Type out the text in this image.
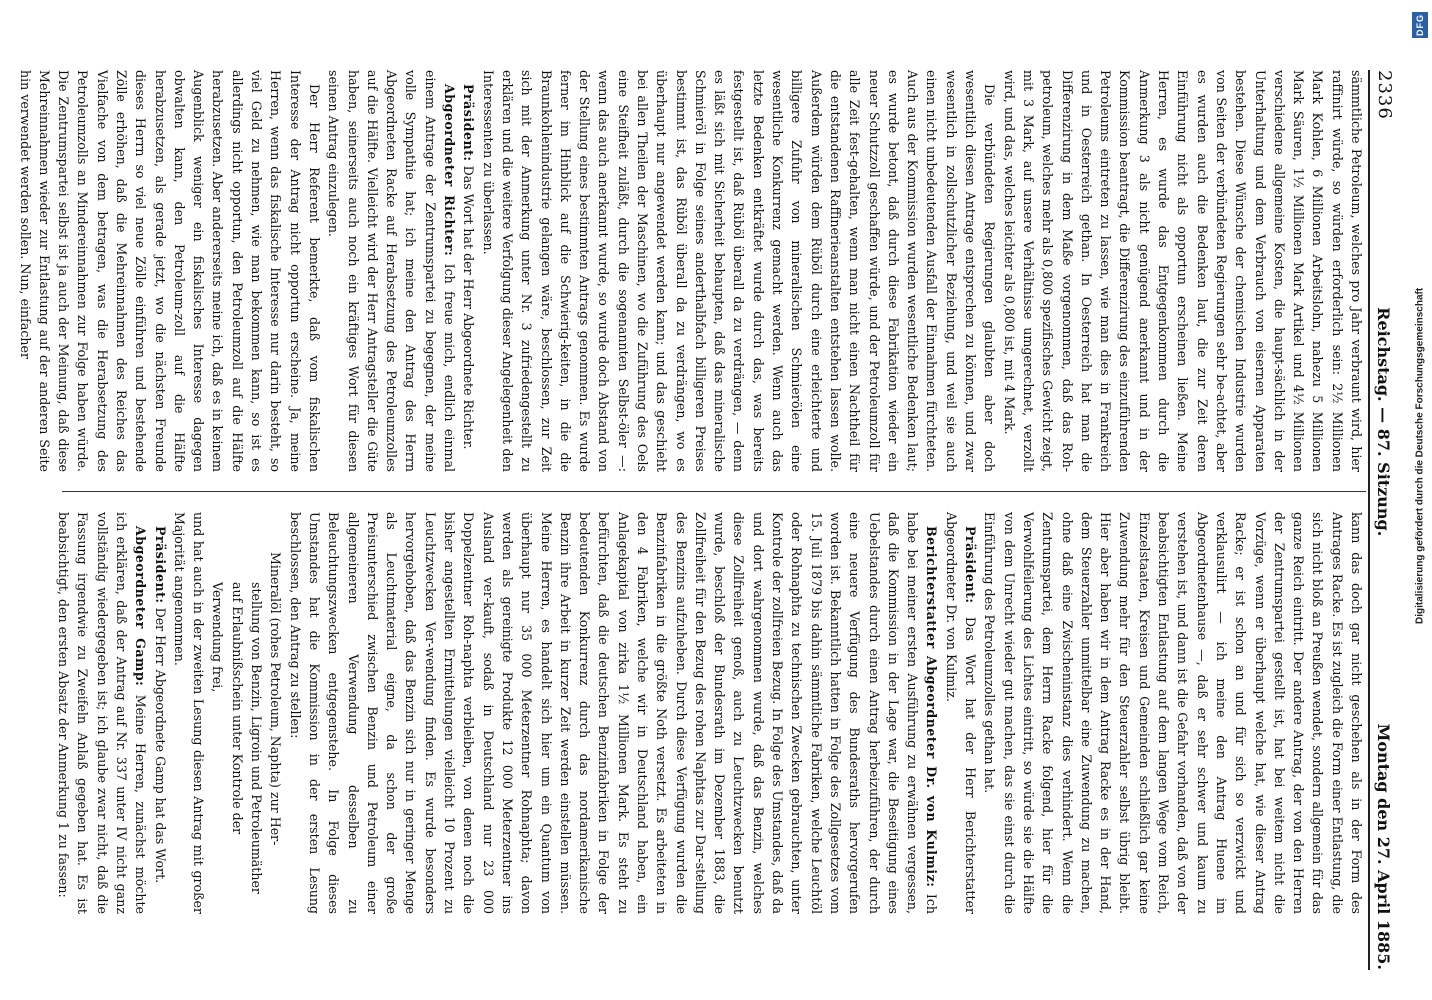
2336
Reichstag. — 87. Sitzung.
Montag den 27. April 1885.

sämmtliche Petroleum, welches pro Jahr verbraunt wird, hier raffinirt würde, so würden erforderlich sein: 2½ Millionen Mark Kohlen, 6 Millionen Arbeitslohn, nahezu 5 Millionen Mark Säuren, 1½ Millionen Mark Artikel und 4½ Millionen verschiedene allgemeine Kosten, die haupt-sächlich in der Unterhaltung und dem Verbrauch von eisernen Apparaten bestehen. Diese Wünsche der chemischen Industrie wurden von Seiten der verbündeten Regierungen sehr be-achtet, aber es wurden auch die Bedenken laut, die zur Zeit deren Einführung nicht als opportun erscheinen ließen. Meine Herren, es wurde das Entgegenkommen durch die Anmerkung 3 als nicht genügend anerkannt und in der Kommission beantragt, die Differenzirung des einzuführenden Petroleums eintreten zu lassen, wie man dies in Frankreich und in Oesterreich gethan. In Oesterreich hat man die Differenzirung in dem Maße vorgenommen, daß das Roh-petroleum, welches mehr als 0,800 spezifisches Gewicht zeigt, mit 3 Mark, auf unsere Verhältnisse umgerechnet, verzollt wird, und das, welches leichter als 0,800 ist, mit 4 Mark.

Die verbündeten Regierungen glaubten aber doch wesentlich diesen Antrage entsprechen zu können, und zwar wesentlich in zollschutzlicher Beziehung, und weil sie auch einen nicht unbedeutenden Ausfall der Einnahmen fürchteten. Auch aus der Kommission wurden wesentliche Bedenken laut; es wurde betont, daß durch diese Fabrikation wieder ein neuer Schutzzoll geschaffen würde, und der Petroleumzoll für alle Zeit fest-gehalten, wenn man nicht einen Nachtheil für die entstandenen Raffinerieanstalten entstehen lassen wolle. Außerdem würden dem Rüböl durch eine erleichterte und billigere Zufuhr von mineralischen Schmierölen eine wesentliche Konkurrenz gemacht werden. Wenn auch das letzte Bedenken entkräftet wurde durch das, was bereits festgestellt ist, daß Rüböl überall da zu verdrängen, — denn es läßt sich mit Sicherheit behaupten, daß das mineralische Schmieröl in Folge seines anderthalbfach billigeren Preises bestimmt ist, das Rüböl überall da zu verdrängen, wo es überhaupt nur angewendet werden kann; und das geschieht bei allen Theilen der Maschinen, wo die Zuführung des Oels eine Steifheit zuläßt, durch die sogenannten Selbst-öler —: wenn das auch anerkannt wurde, so wurde doch Abstand von der Stellung eines bestimmten Antrags genommen. Es wurde ferner im Hinblick auf die Schwierig-keiten, in die die Braunkohlenindustrie gelangen wäre, beschlossen, zur Zeit sich mit der Anmerkung unter Nr. 3 zufriedengestellt zu erklären und die weitere Verfolgung dieser Angelegenheit den Interessenten zu überlassen.

Präsident: Das Wort hat der Herr Abgeordnete Richter.

Abgeordneter Richter: Ich freue mich, endlich einmal einem Antrage der Zentrumspartei zu begegnen, der meine volle Sympathie hat; ich meine den Antrag des Herrn Abgeordneten Racke auf Herabsetzung des Petroleumzolles auf die Hälfte. Vielleicht wird der Herr Antragsteller die Güte haben, seinerseits auch noch ein kräftiges Wort für diesen seinen Antrag einzulegen.

Der Herr Referent bemerkte, daß vom fiskalischen Interesse der Antrag nicht opportun erscheine. Ja, meine Herren, wenn das fiskalische Interesse nur darin besteht, so viel Geld zu nehmen, wie man bekommen kann, so ist es allerdings nicht opportun, den Petroleumzoll auf die Hälfte herabzusetzen. Aber andererseits meine ich, daß es in keinem Augenblick weniger ein fiskalisches Interesse dagegen obwalten kann, den Petroleum-zoll auf die Hälfte herabzusetzen, als gerade jetzt, wo die nächsten Freunde dieses Herrn so viel neue Zölle einführen und bestehende Zölle erhöhen, daß die Mehreinnahmen des Reiches das Vielfache von dem betragen, was die Herabsetzung des Petroleumzolls an Mindereinnahmen zur Folge haben würde. Die Zentrumspartei selbst ist ja auch der Meinung, daß diese Mehreinnahmen wieder zur Entlastung auf der anderen Seite hin verwendet werden sollen. Nun, einfacher

kann das doch gar nicht geschehen als in der Form des Antrages Racke. Es ist zugleich die Form einer Entlastung, die sich nicht bloß an Preußen wendet, sondern allgemein für das ganze Reich eintritt. Der andere Antrag, der von den Herren der Zentrumspartei gestellt ist, hat bei weitem nicht die Vorzüge, wenn er überhaupt welche hat, wie dieser Antrag Racke; er ist schon an und für sich so verzwickt und verklausulirt — ich meine den Antrag Huene im Abgeordnetenhause —, daß er sehr schwer und kaum zu verstehen ist, und dann ist die Gefahr vorhanden, daß von der beabsichtigten Entlastung auf dem langen Wege vom Reich, Einzelstaaten, Kreisen und Gemeinden schließlich gar keine Zuwendung mehr für den Steuerzahler selbst übrig bleibt. Hier aber haben wir in dem Antrag Racke es in der Hand, dem Steuerzahler unmittelbar eine Zuwendung zu machen, ohne daß eine Zwischeninstanz dies verhindert. Wenn die Zentrumspartei, dem Herrn Racke folgend, hier für die Verwohlfeilerung des Lichtes eintritt, so würde sie die Hälfte von dem Unrecht wieder gut machen, das sie einst durch die Einführung des Petroleumzolles gethan hat.

Präsident: Das Wort hat der Herr Berichterstatter Abgeordneter Dr. von Kulmiz.

Berichterstatter Abgeordneter Dr. von Kulmiz: Ich habe bei meiner ersten Ausführung zu erwähnen vergessen, daß die Kommission in der Lage war, die Beseitigung eines Uebelstandes durch einen Antrag herbeizuführen, der durch eine neuere Verfügung des Bundesraths hervorgerufen worden ist. Bekanntlich hatten in Folge des Zollgesetzes vom 15. Juli 1879 bis dahin sämmtliche Fabriken, welche Leuchtöl oder Rohnaphta zu technischen Zwecken gebrauchten, unter Kontrole der zollfreien Bezug. In Folge des Umstandes, daß da und dort wahrgenommen wurde, daß das Benzin, welches diese Zollfreiheit genoß, auch zu Leuchtzwecken benutzt wurde, beschloß der Bundesrath im Dezember 1883, die Zollfreiheit für den Bezug des rohen Naphtas zur Dar-stellung des Benzins aufzuheben. Durch diese Verfügung wurden die Benzinfabriken in die größte Noth versetzt. Es arbeiteten in den 4 Fabriken, welche wir in Deutschland haben, ein Anlagekapital von zirka 1½ Millionen Mark. Es steht zu befürchten, daß die deutschen Benzinfabriken in Folge der bedeutenden Konkurrenz durch das nordamerikanische Benzin ihre Arbeit in kurzer Zeit werden einstellen müssen. Meine Herren, es handelt sich hier um ein Quantum von überhaupt nur 35 000 Meterzentner Rohnaphta; davon werden als gereinigte Produkte 12 000 Meterzentner ins Ausland ver-kauft, sodaß in Deutschland nur 23 000 Doppelzentner Roh-naphta verbleiben, von denen noch die bisher angestellten Ermittelungen vielleicht 10 Prozent zu Leuchtzwecken Ver-wendung finden. Es wurde besonders hervorgehoben, daß das Benzin sich nur in geringer Menge als Leuchtmaterial eigne, da schon der große Preisunterschied zwischen Benzin und Petroleum einer allgemeineren Verwendung desselben zu Beleuchtungszwecken entgegenstehe. In Folge dieses Umstandes hat die Kommission in der ersten Lesung beschlossen, den Antrag zu stellen:

Mineralöl (rohes Petroleum, Naphta) zur Her-

stellung von Benzin, Ligroin und Petroleumäther auf Erlaubnißschein unter Kontrole der Verwendung frei,

und hat auch in der zweiten Lesung diesen Antrag mit großer Majorität angenommen.

Präsident: Der Herr Abgeordnete Gamp hat das Wort.

Abgeordneter Gamp: Meine Herren, zunächst möchte ich erklären, daß der Antrag auf Nr. 337 unter IV nicht ganz vollständig wiedergegeben ist; ich glaube zwar nicht, daß die Fassung irgendwie zu Zweifeln Anlaß gegeben hat. Es ist beabsichtigt, den ersten Absatz der Anmerkung 1 zu fassen:

DFG
Digitalisierung gefördert durch die Deutsche Forschungsgemeinschaft
